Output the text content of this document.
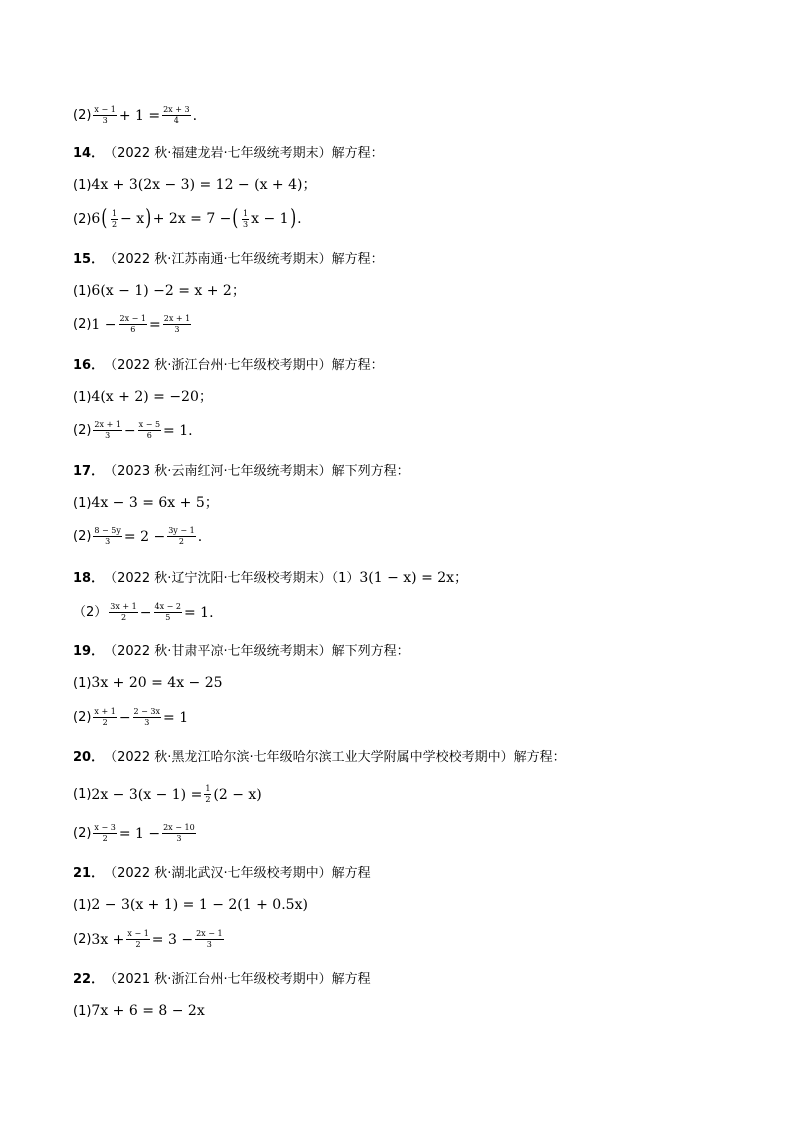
$(2) \frac{x - 1}{3} + 1 = \frac{2x + 3}{4}$ .
14． （2022 秋·福建龙岩·七年级统考期末）解方程：
(1) 4x + 3(2x − 3) = 12 − (x + 4)；
(2) 6 ( $\frac{1}{2} - x$ ) + 2x = 7 − ( $\frac{1}{3}$ x − 1 ) .
15． （2022 秋·江苏南通·七年级统考期末）解方程：
(1) 6(x − 1) −2 = x + 2；
(2) $1 - \frac{2x - 1}{6} = \frac{2x + 1}{3}$
16． （2022 秋·浙江台州·七年级校考期中）解方程：
(1) 4(x + 2) = −20；
$(2) \frac{2x + 1}{3} - \frac{x - 5}{6} = 1$.
17． （2023 秋·云南红河·七年级统考期末）解下列方程：
(1) 4x − 3 = 6x + 5；
$(2) \frac{8 - 5y}{3} = 2 - \frac{3y - 1}{2}$ .
18． （2022 秋·辽宁沈阳·七年级校考期末）（1） 3(1 − x) = 2x；
$(2) \frac{3x + 1}{2} - \frac{4x - 2}{5} = 1$.
19． （2022 秋·甘肃平凉·七年级统考期末）解下列方程：
(1) 3x + 20 = 4x − 25
$(2) \frac{x + 1}{2} - \frac{2 - 3x}{3} = 1$
20． （2022 秋·黑龙江哈尔滨·七年级哈尔滨工业大学附属中学校校考期中）解方程：
(1) $2x - 3(x - 1) = \frac{1}{2} (2 - x)$
$(2) \frac{x - 3}{2} = 1 - \frac{2x - 10}{3}$
21． （2022 秋·湖北武汉·七年级校考期中）解方程
(1) 2 − 3(x + 1) = 1 − 2(1 + 0.5x)
(2) $3x + \frac{x - 1}{2} = 3 - \frac{2x - 1}{3}$
22． （2021 秋·浙江台州·七年级校考期中）解方程
(1) 7x + 6 = 8 − 2x
